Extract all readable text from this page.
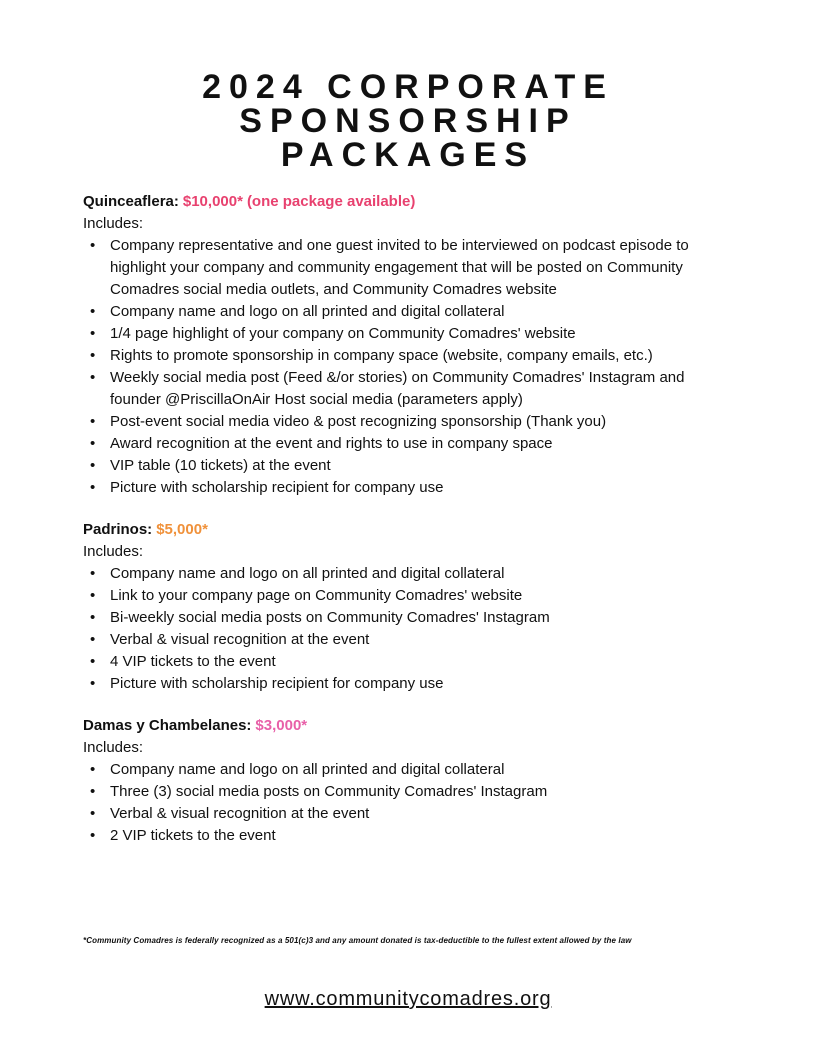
2024 CORPORATE
SPONSORSHIP
PACKAGES
Quinceaflera: $10,000* (one package available)
Includes:
• Company representative and one guest invited to be interviewed on podcast episode to highlight your company and community engagement that will be posted on Community Comadres social media outlets, and Community Comadres website
• Company name and logo on all printed and digital collateral
• 1/4 page highlight of your company on Community Comadres' website
• Rights to promote sponsorship in company space (website, company emails, etc.)
• Weekly social media post (Feed &/or stories) on Community Comadres' Instagram and founder @PriscillaOnAir Host social media (parameters apply)
• Post-event social media video & post recognizing sponsorship (Thank you)
• Award recognition at the event and rights to use in company space
• VIP table (10 tickets) at the event
• Picture with scholarship recipient for company use
Padrinos: $5,000*
Includes:
• Company name and logo on all printed and digital collateral
• Link to your company page on Community Comadres' website
• Bi-weekly social media posts on Community Comadres' Instagram
• Verbal & visual recognition at the event
• 4 VIP tickets to the event
• Picture with scholarship recipient for company use
Damas y Chambelanes: $3,000*
Includes:
• Company name and logo on all printed and digital collateral
• Three (3) social media posts on Community Comadres' Instagram
• Verbal & visual recognition at the event
• 2 VIP tickets to the event
*Community Comadres is federally recognized as a 501(c)3 and any amount donated is tax-deductible to the fullest extent allowed by the law
www.communitycomadres.org
